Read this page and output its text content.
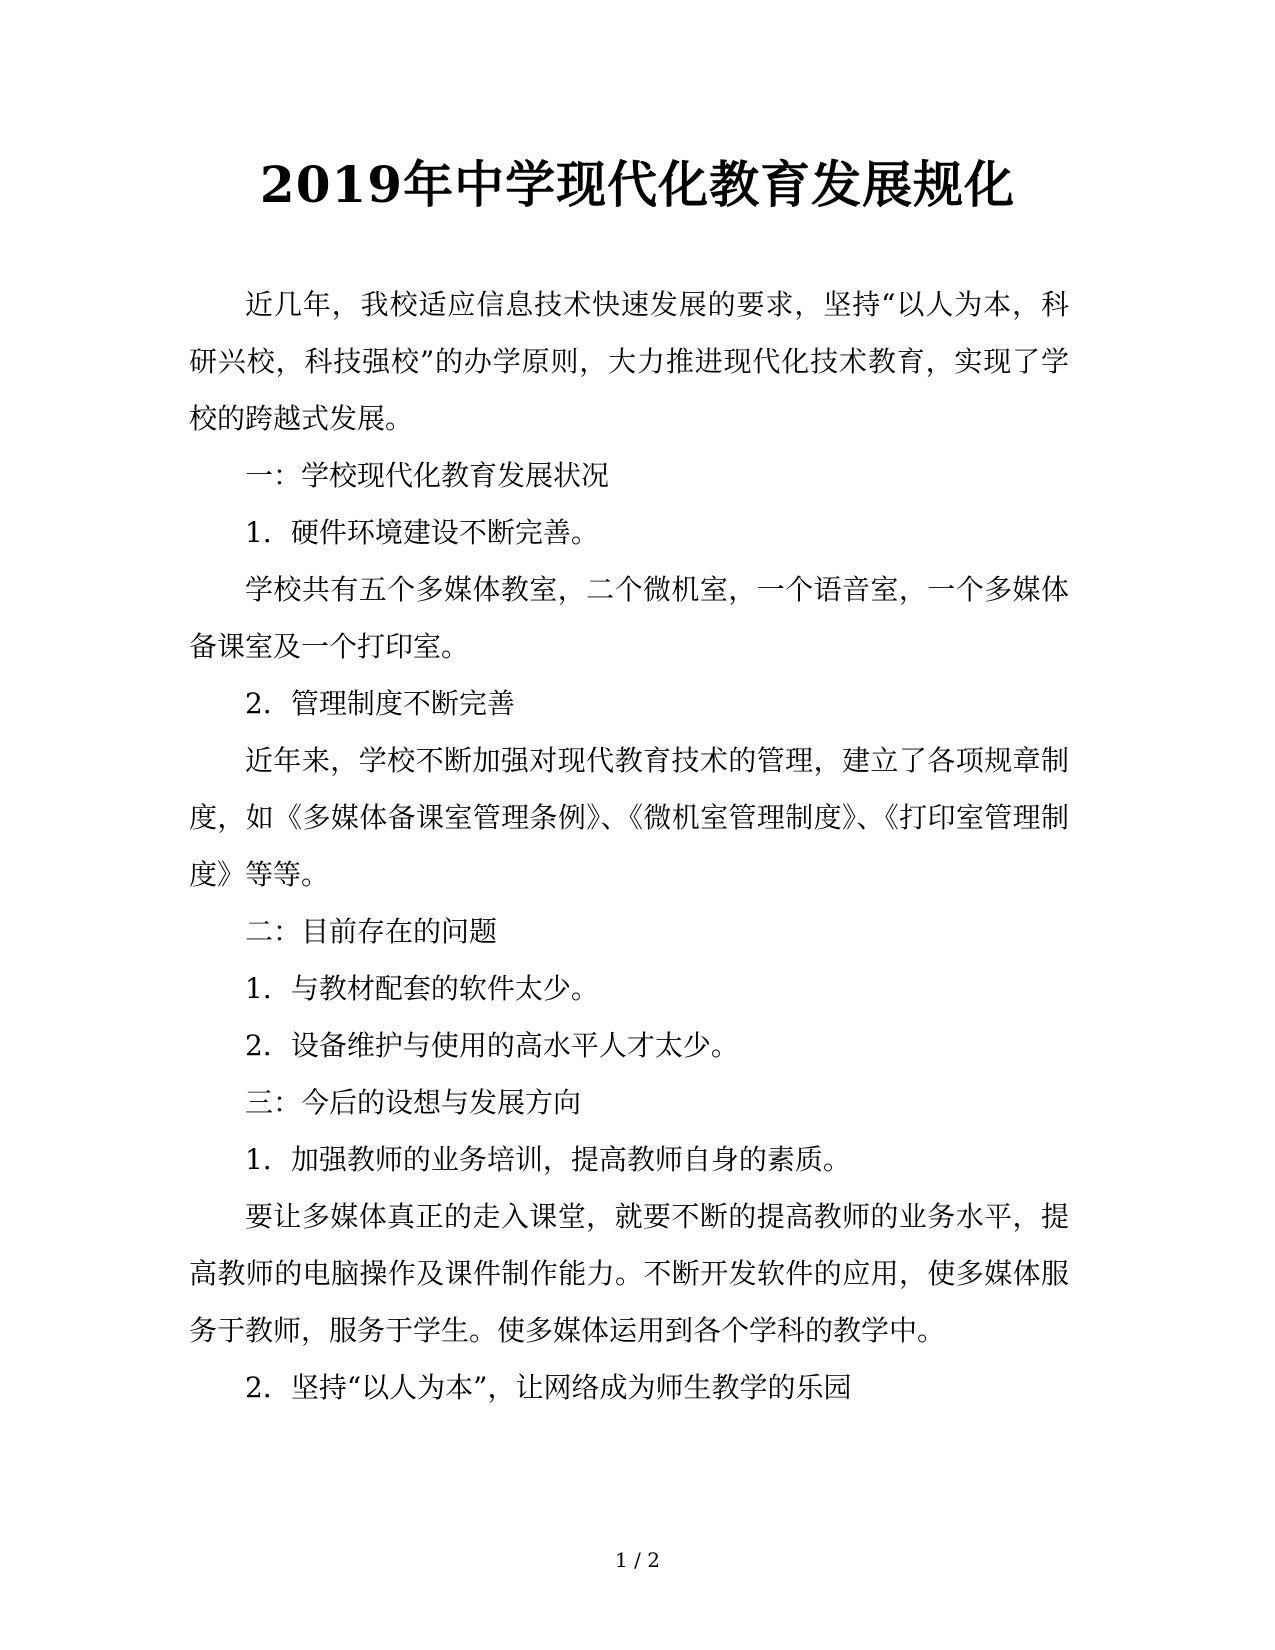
2019年中学现代化教育发展规化

近几年，我校适应信息技术快速发展的要求，坚持“以人为本，科研兴校，科技强校”的办学原则，大力推进现代化技术教育，实现了学校的跨越式发展。

一：学校现代化教育发展状况

1．硬件环境建设不断完善。

学校共有五个多媒体教室，二个微机室，一个语音室，一个多媒体备课室及一个打印室。

2．管理制度不断完善

近年来，学校不断加强对现代教育技术的管理，建立了各项规章制度，如《多媒体备课室管理条例》、《微机室管理制度》、《打印室管理制度》等等。

二：目前存在的问题

1．与教材配套的软件太少。

2．设备维护与使用的高水平人才太少。

三：今后的设想与发展方向

1．加强教师的业务培训，提高教师自身的素质。

要让多媒体真正的走入课堂，就要不断的提高教师的业务水平，提高教师的电脑操作及课件制作能力。不断开发软件的应用，使多媒体服务于教师，服务于学生。使多媒体运用到各个学科的教学中。

2．坚持“以人为本”，让网络成为师生教学的乐园

1 / 2
